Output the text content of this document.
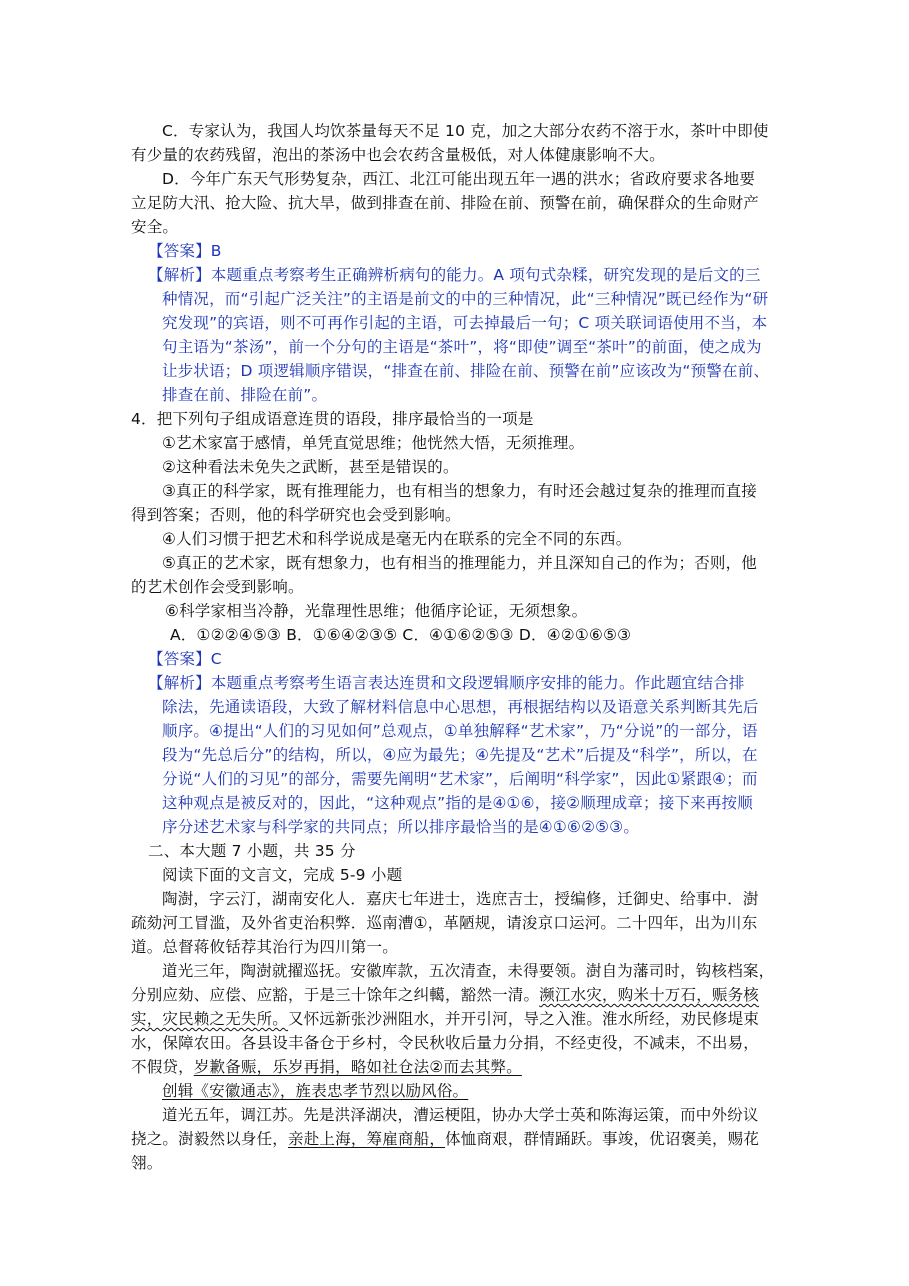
C．专家认为，我国人均饮茶量每天不足 10 克，加之大部分农药不溶于水，茶叶中即使
有少量的农药残留，泡出的茶汤中也会农药含量极低，对人体健康影响不大。
D．今年广东天气形势复杂，西江、北江可能出现五年一遇的洪水；省政府要求各地要
立足防大汛、抢大险、抗大旱，做到排查在前、排险在前、预警在前，确保群众的生命财产
安全。
【答案】B
【解析】本题重点考察考生正确辨析病句的能力。A 项句式杂糅，研究发现的是后文的三
种情况，而“引起广泛关注”的主语是前文的中的三种情况，此“三种情况”既已经作为“研
究发现”的宾语，则不可再作引起的主语，可去掉最后一句；C 项关联词语使用不当，本
句主语为“茶汤”，前一个分句的主语是“茶叶”，将“即使”调至“茶叶”的前面，使之成为
让步状语；D 项逻辑顺序错误，“排查在前、排险在前、预警在前”应该改为“预警在前、
排查在前、排险在前”。
4．把下列句子组成语意连贯的语段，排序最恰当的一项是
①艺术家富于感情，单凭直觉思维；他恍然大悟，无须推理。
②这种看法未免失之武断，甚至是错误的。
③真正的科学家，既有推理能力，也有相当的想象力，有时还会越过复杂的推理而直接
得到答案；否则，他的科学研究也会受到影响。
④人们习惯于把艺术和科学说成是毫无内在联系的完全不同的东西。
⑤真正的艺术家，既有想象力，也有相当的推理能力，并且深知自己的作为；否则，他
的艺术创作会受到影响。
⑥科学家相当冷静，光靠理性思维；他循序论证，无须想象。
A．①②②④⑤③ B．①⑥④②③⑤ C．④①⑥②⑤③ D．④②①⑥⑤③
【答案】C
【解析】本题重点考察考生语言表达连贯和文段逻辑顺序安排的能力。作此题宜结合排
除法，先通读语段，大致了解材料信息中心思想，再根据结构以及语意关系判断其先后
顺序。④提出“人们的习见如何”总观点，①单独解释“艺术家”，乃“分说”的一部分，语
段为“先总后分”的结构，所以，④应为最先；④先提及“艺术”后提及“科学”，所以，在
分说“人们的习见”的部分，需要先阐明“艺术家”，后阐明“科学家”，因此①紧跟④；而
这种观点是被反对的，因此，“这种观点”指的是④①⑥，接②顺理成章；接下来再按顺
序分述艺术家与科学家的共同点；所以排序最恰当的是④①⑥②⑤③。
二、本大题 7 小题，共 35 分
阅读下面的文言文，完成 5-9 小题
陶澍，字云汀，湖南安化人．嘉庆七年进士，选庶吉士，授编修，迁御史、给事中．澍
疏劾河工冒滥，及外省吏治积弊．巡南漕①，革陋规，请浚京口运河。二十四年，出为川东
道。总督蒋攸铦荐其治行为四川第一。
道光三年，陶澍就擢巡抚。安徽库款，五次清查，未得要领。澍自为藩司时，钩核档案，
分别应劾、应偿、应豁，于是三十馀年之纠轕，豁然一清。濒江水灾，购米十万石，赈务核
实，灾民赖之无失所。又怀远新张沙洲阻水，并开引河，导之入淮。淮水所经，劝民修堤束
水，保障农田。各县设丰备仓于乡村，令民秋收后量力分捐，不经吏役，不减耒，不出易，
不假贷，岁歉备赈，乐岁再捐，略如社仓法②而去其弊。
创辑《安徽通志》，旌表忠孝节烈以励风俗。
道光五年，调江苏。先是洪泽湖决，漕运梗阻，协办大学士英和陈海运策，而中外纷议
挠之。澍毅然以身任，亲赴上海，筹雇商船，体恤商艰，群情踊跃。事竣，优诏褒美，赐花
翎。
